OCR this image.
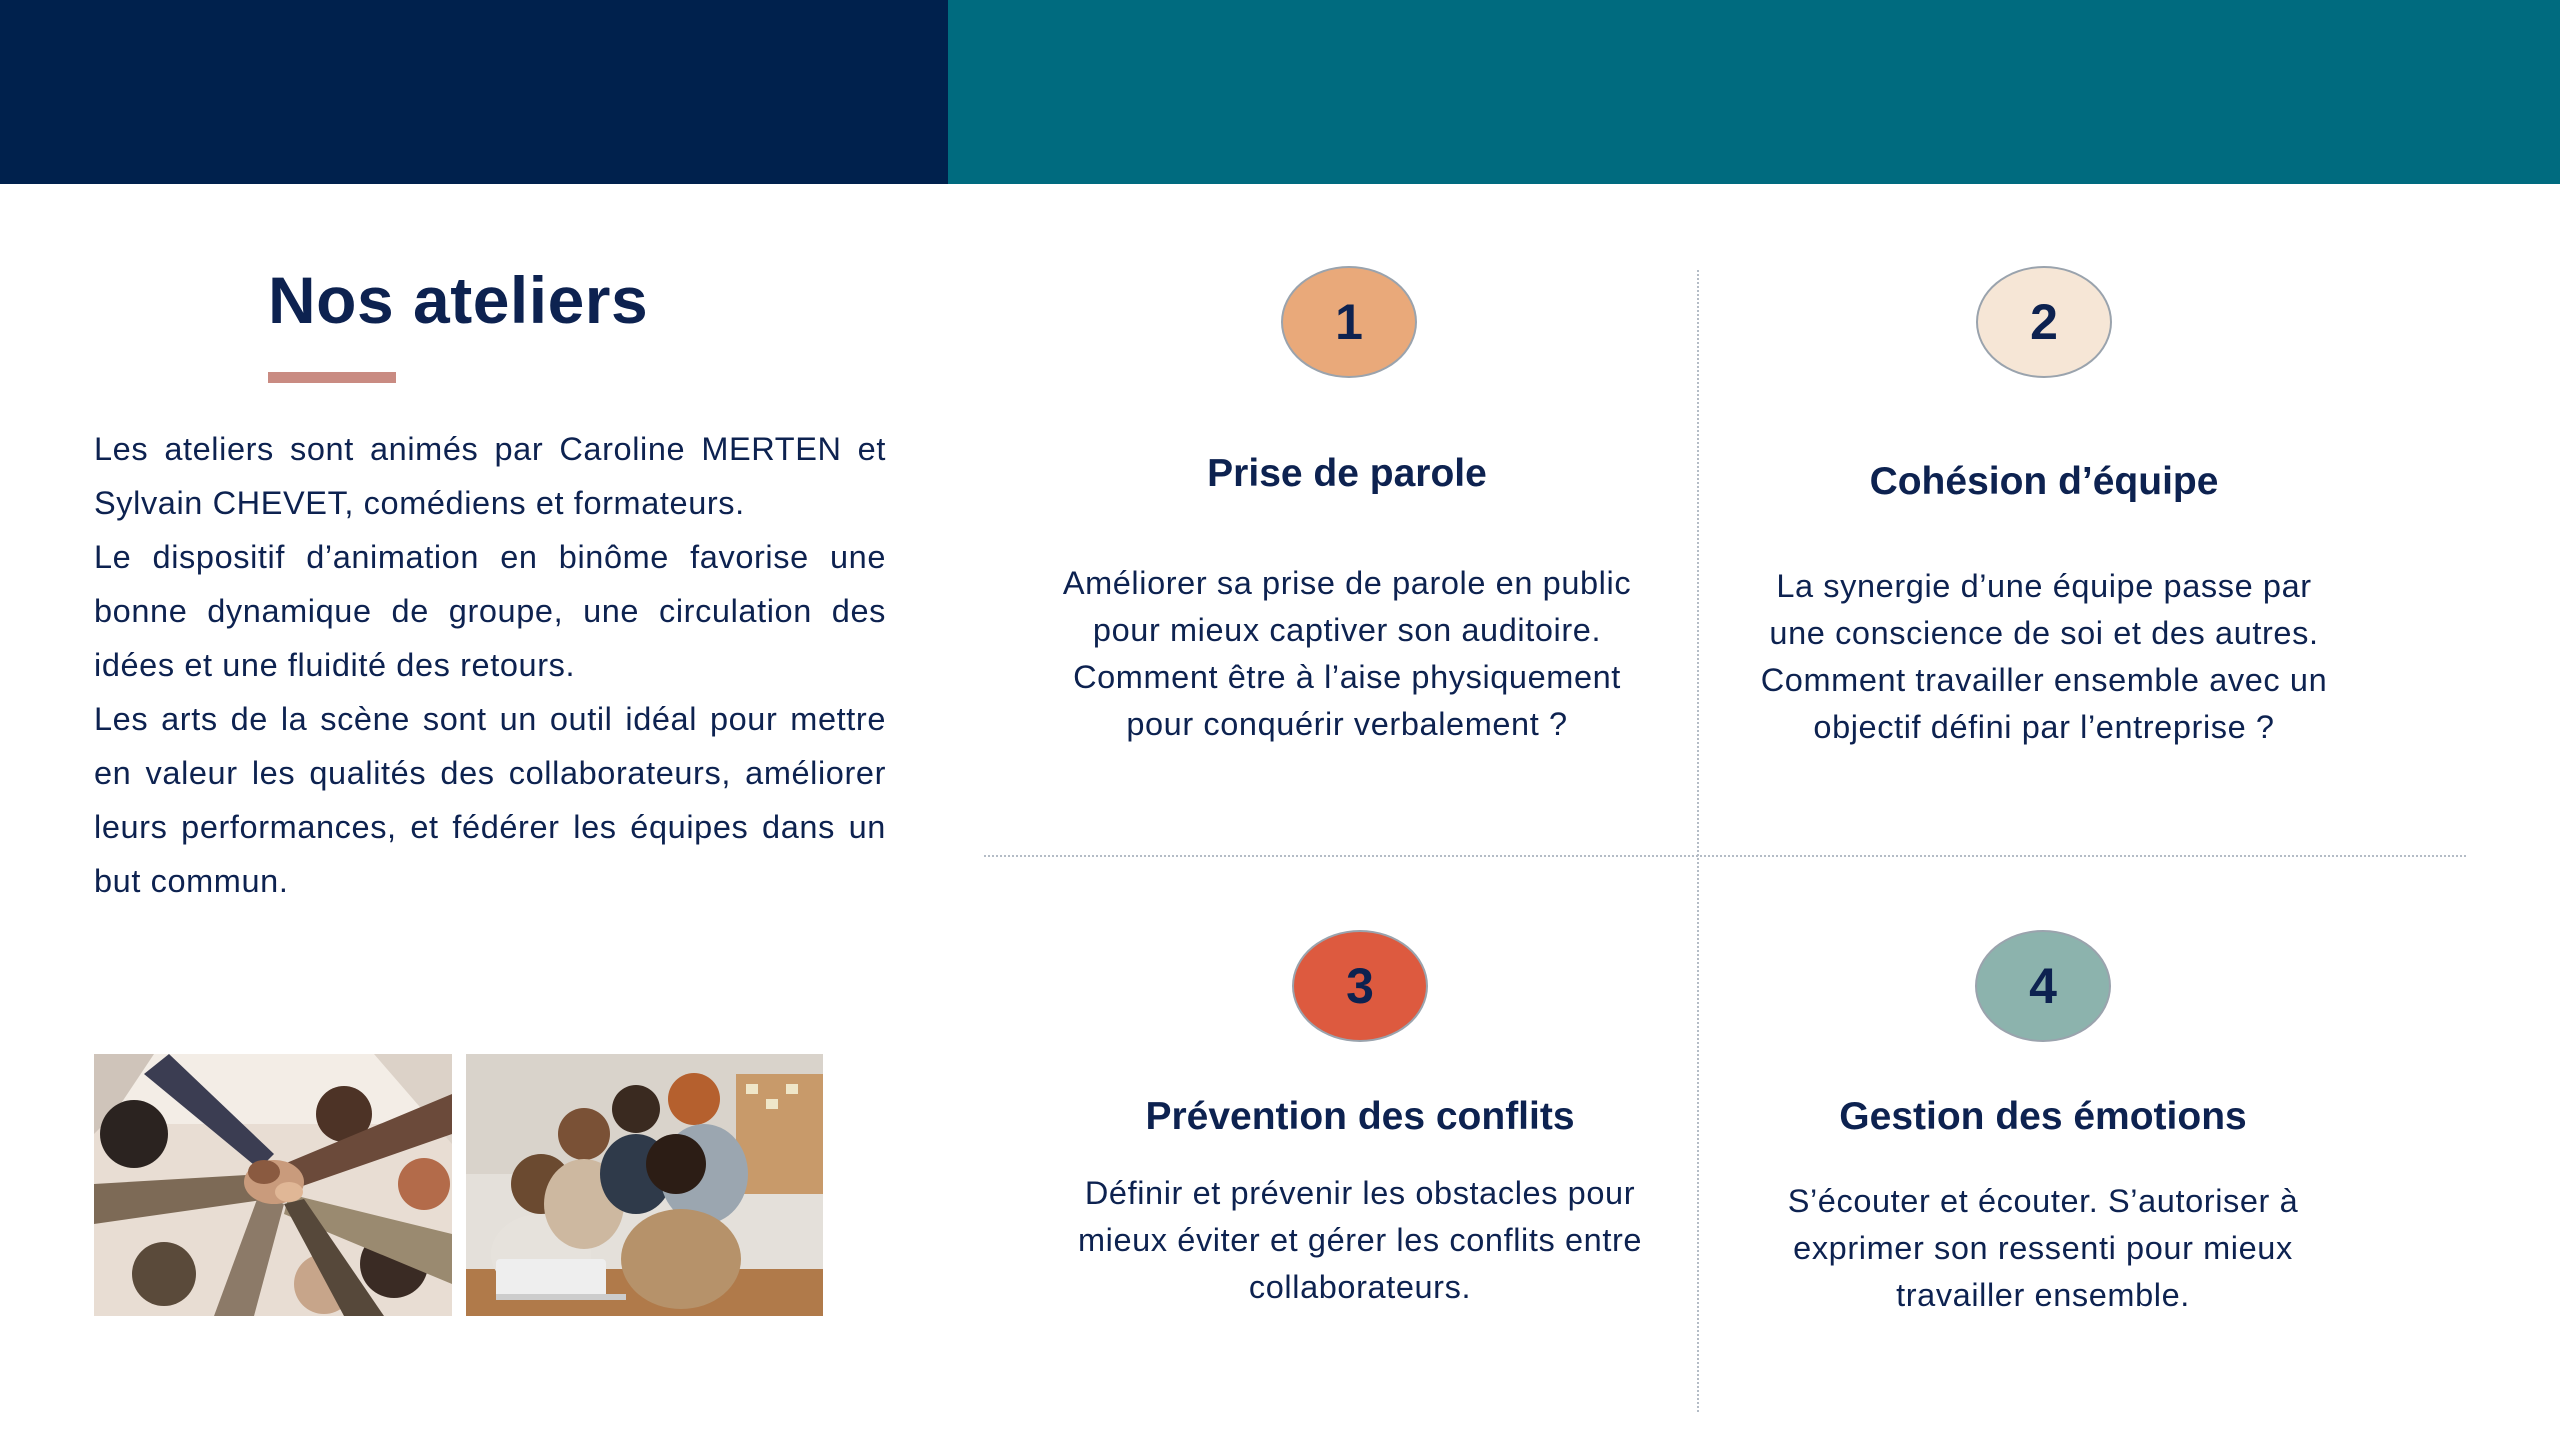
Nos ateliers

Les ateliers sont animés par Caroline MERTEN et Sylvain CHEVET, comédiens et formateurs.

Le dispositif d’animation en binôme favorise une bonne dynamique de groupe, une circulation des idées et une fluidité des retours.

Les arts de la scène sont un outil idéal pour mettre en valeur les qualités des collaborateurs, améliorer leurs performances, et fédérer les équipes dans un but commun.

1
Prise de parole
Améliorer sa prise de parole en public pour mieux captiver son auditoire. Comment être à l’aise physiquement pour conquérir verbalement ?
2
Cohésion d’équipe
La synergie d’une équipe passe par une conscience de soi et des autres. Comment travailler ensemble avec un objectif défini par l’entreprise ?
3
Prévention des conflits
Définir et prévenir les obstacles pour mieux éviter et gérer les conflits entre collaborateurs.
4
Gestion des émotions
S’écouter et écouter. S’autoriser à exprimer son ressenti pour mieux travailler ensemble.
